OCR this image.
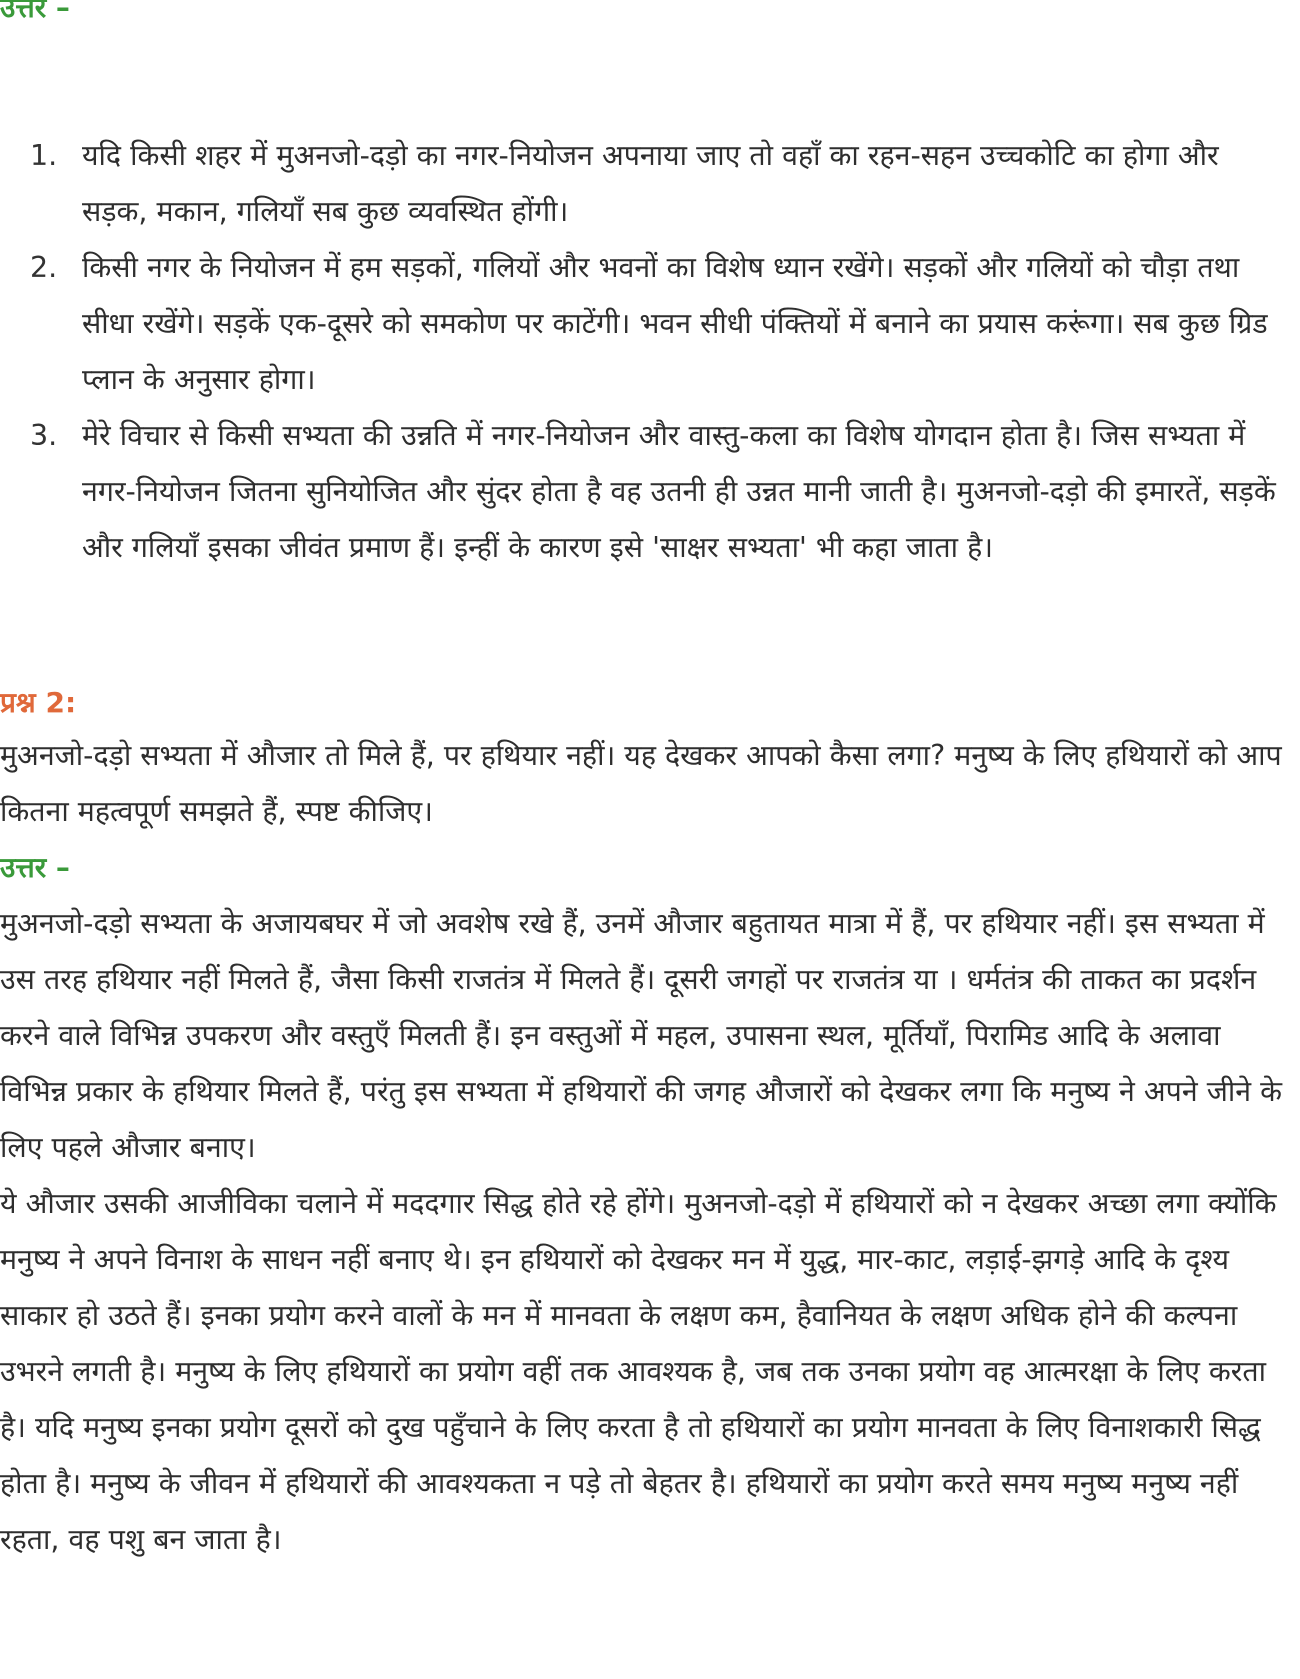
उत्तर –

1. यदि किसी शहर में मुअनजो-दड़ो का नगर-नियोजन अपनाया जाए तो वहाँ का रहन-सहन उच्चकोटि का होगा और सड़क, मकान, गलियाँ सब कुछ व्यवस्थित होंगी।
2. किसी नगर के नियोजन में हम सड़कों, गलियों और भवनों का विशेष ध्यान रखेंगे। सड़कों और गलियों को चौड़ा तथा सीधा रखेंगे। सड़कें एक-दूसरे को समकोण पर काटेंगी। भवन सीधी पंक्तियों में बनाने का प्रयास करूंगा। सब कुछ ग्रिड प्लान के अनुसार होगा।
3. मेरे विचार से किसी सभ्यता की उन्नति में नगर-नियोजन और वास्तु-कला का विशेष योगदान होता है। जिस सभ्यता में नगर-नियोजन जितना सुनियोजित और सुंदर होता है वह उतनी ही उन्नत मानी जाती है। मुअनजो-दड़ो की इमारतें, सड़कें और गलियाँ इसका जीवंत प्रमाण हैं। इन्हीं के कारण इसे 'साक्षर सभ्यता' भी कहा जाता है।

प्रश्न 2:

मुअनजो-दड़ो सभ्यता में औजार तो मिले हैं, पर हथियार नहीं। यह देखकर आपको कैसा लगा? मनुष्य के लिए हथियारों को आप कितना महत्वपूर्ण समझते हैं, स्पष्ट कीजिए।

उत्तर –

मुअनजो-दड़ो सभ्यता के अजायबघर में जो अवशेष रखे हैं, उनमें औजार बहुतायत मात्रा में हैं, पर हथियार नहीं। इस सभ्यता में उस तरह हथियार नहीं मिलते हैं, जैसा किसी राजतंत्र में मिलते हैं। दूसरी जगहों पर राजतंत्र या । धर्मतंत्र की ताकत का प्रदर्शन करने वाले विभिन्न उपकरण और वस्तुएँ मिलती हैं। इन वस्तुओं में महल, उपासना स्थल, मूर्तियाँ, पिरामिड आदि के अलावा विभिन्न प्रकार के हथियार मिलते हैं, परंतु इस सभ्यता में हथियारों की जगह औजारों को देखकर लगा कि मनुष्य ने अपने जीने के लिए पहले औजार बनाए।

ये औजार उसकी आजीविका चलाने में मददगार सिद्ध होते रहे होंगे। मुअनजो-दड़ो में हथियारों को न देखकर अच्छा लगा क्योंकि मनुष्य ने अपने विनाश के साधन नहीं बनाए थे। इन हथियारों को देखकर मन में युद्ध, मार-काट, लड़ाई-झगड़े आदि के दृश्य साकार हो उठते हैं। इनका प्रयोग करने वालों के मन में मानवता के लक्षण कम, हैवानियत के लक्षण अधिक होने की कल्पना उभरने लगती है। मनुष्य के लिए हथियारों का प्रयोग वहीं तक आवश्यक है, जब तक उनका प्रयोग वह आत्मरक्षा के लिए करता है। यदि मनुष्य इनका प्रयोग दूसरों को दुख पहुँचाने के लिए करता है तो हथियारों का प्रयोग मानवता के लिए विनाशकारी सिद्ध होता है। मनुष्य के जीवन में हथियारों की आवश्यकता न पड़े तो बेहतर है। हथियारों का प्रयोग करते समय मनुष्य मनुष्य नहीं रहता, वह पशु बन जाता है।
